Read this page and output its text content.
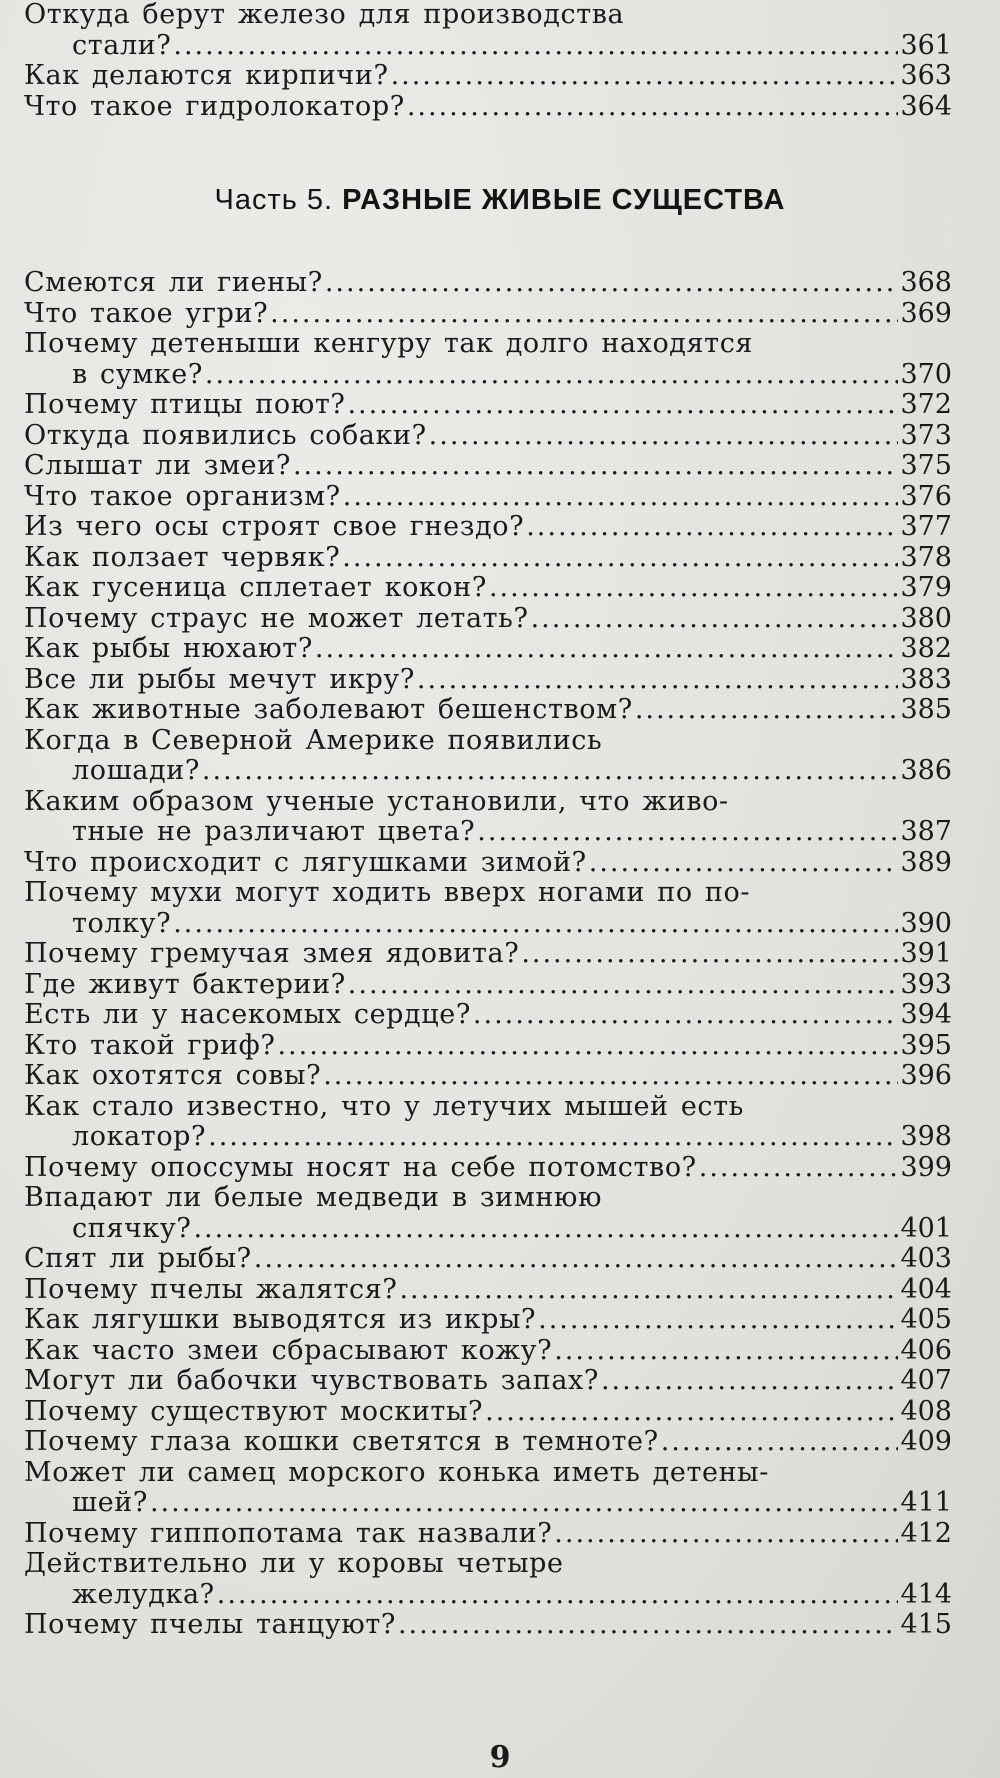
Откуда берут железо для производства
стали? .....	361
Как делаются кирпичи? .....	363
Что такое гидролокатор? .....	364
Часть 5. РАЗНЫЕ ЖИВЫЕ СУЩЕСТВА
Смеются ли гиены? .....	368
Что такое угри? .....	369
Почему детеныши кенгуру так долго находятся
в сумке? .....	370
Почему птицы поют? .....	372
Откуда появились собаки? .....	373
Слышат ли змеи? .....	375
Что такое организм? .....	376
Из чего осы строят свое гнездо? .....	377
Как ползает червяк? .....	378
Как гусеница сплетает кокон? .....	379
Почему страус не может летать? .....	380
Как рыбы нюхают? .....	382
Все ли рыбы мечут икру? .....	383
Как животные заболевают бешенством? .....	385
Когда в Северной Америке появились
лошади? .....	386
Каким образом ученые установили, что живо-
тные не различают цвета? .....	387
Что происходит с лягушками зимой? .....	389
Почему мухи могут ходить вверх ногами по по-
толку? .....	390
Почему гремучая змея ядовита? .....	391
Где живут бактерии? .....	393
Есть ли у насекомых сердце? .....	394
Кто такой гриф? .....	395
Как охотятся совы? .....	396
Как стало известно, что у летучих мышей есть
локатор? .....	398
Почему опоссумы носят на себе потомство? .....	399
Впадают ли белые медведи в зимнюю
спячку? .....	401
Спят ли рыбы? .....	403
Почему пчелы жалятся? .....	404
Как лягушки выводятся из икры? .....	405
Как часто змеи сбрасывают кожу? .....	406
Могут ли бабочки чувствовать запах? .....	407
Почему существуют москиты? .....	408
Почему глаза кошки светятся в темноте? .....	409
Может ли самец морского конька иметь детены-
шей? .....	411
Почему гиппопотама так назвали? .....	412
Действительно ли у коровы четыре
желудка? .....	414
Почему пчелы танцуют? .....	415
9
